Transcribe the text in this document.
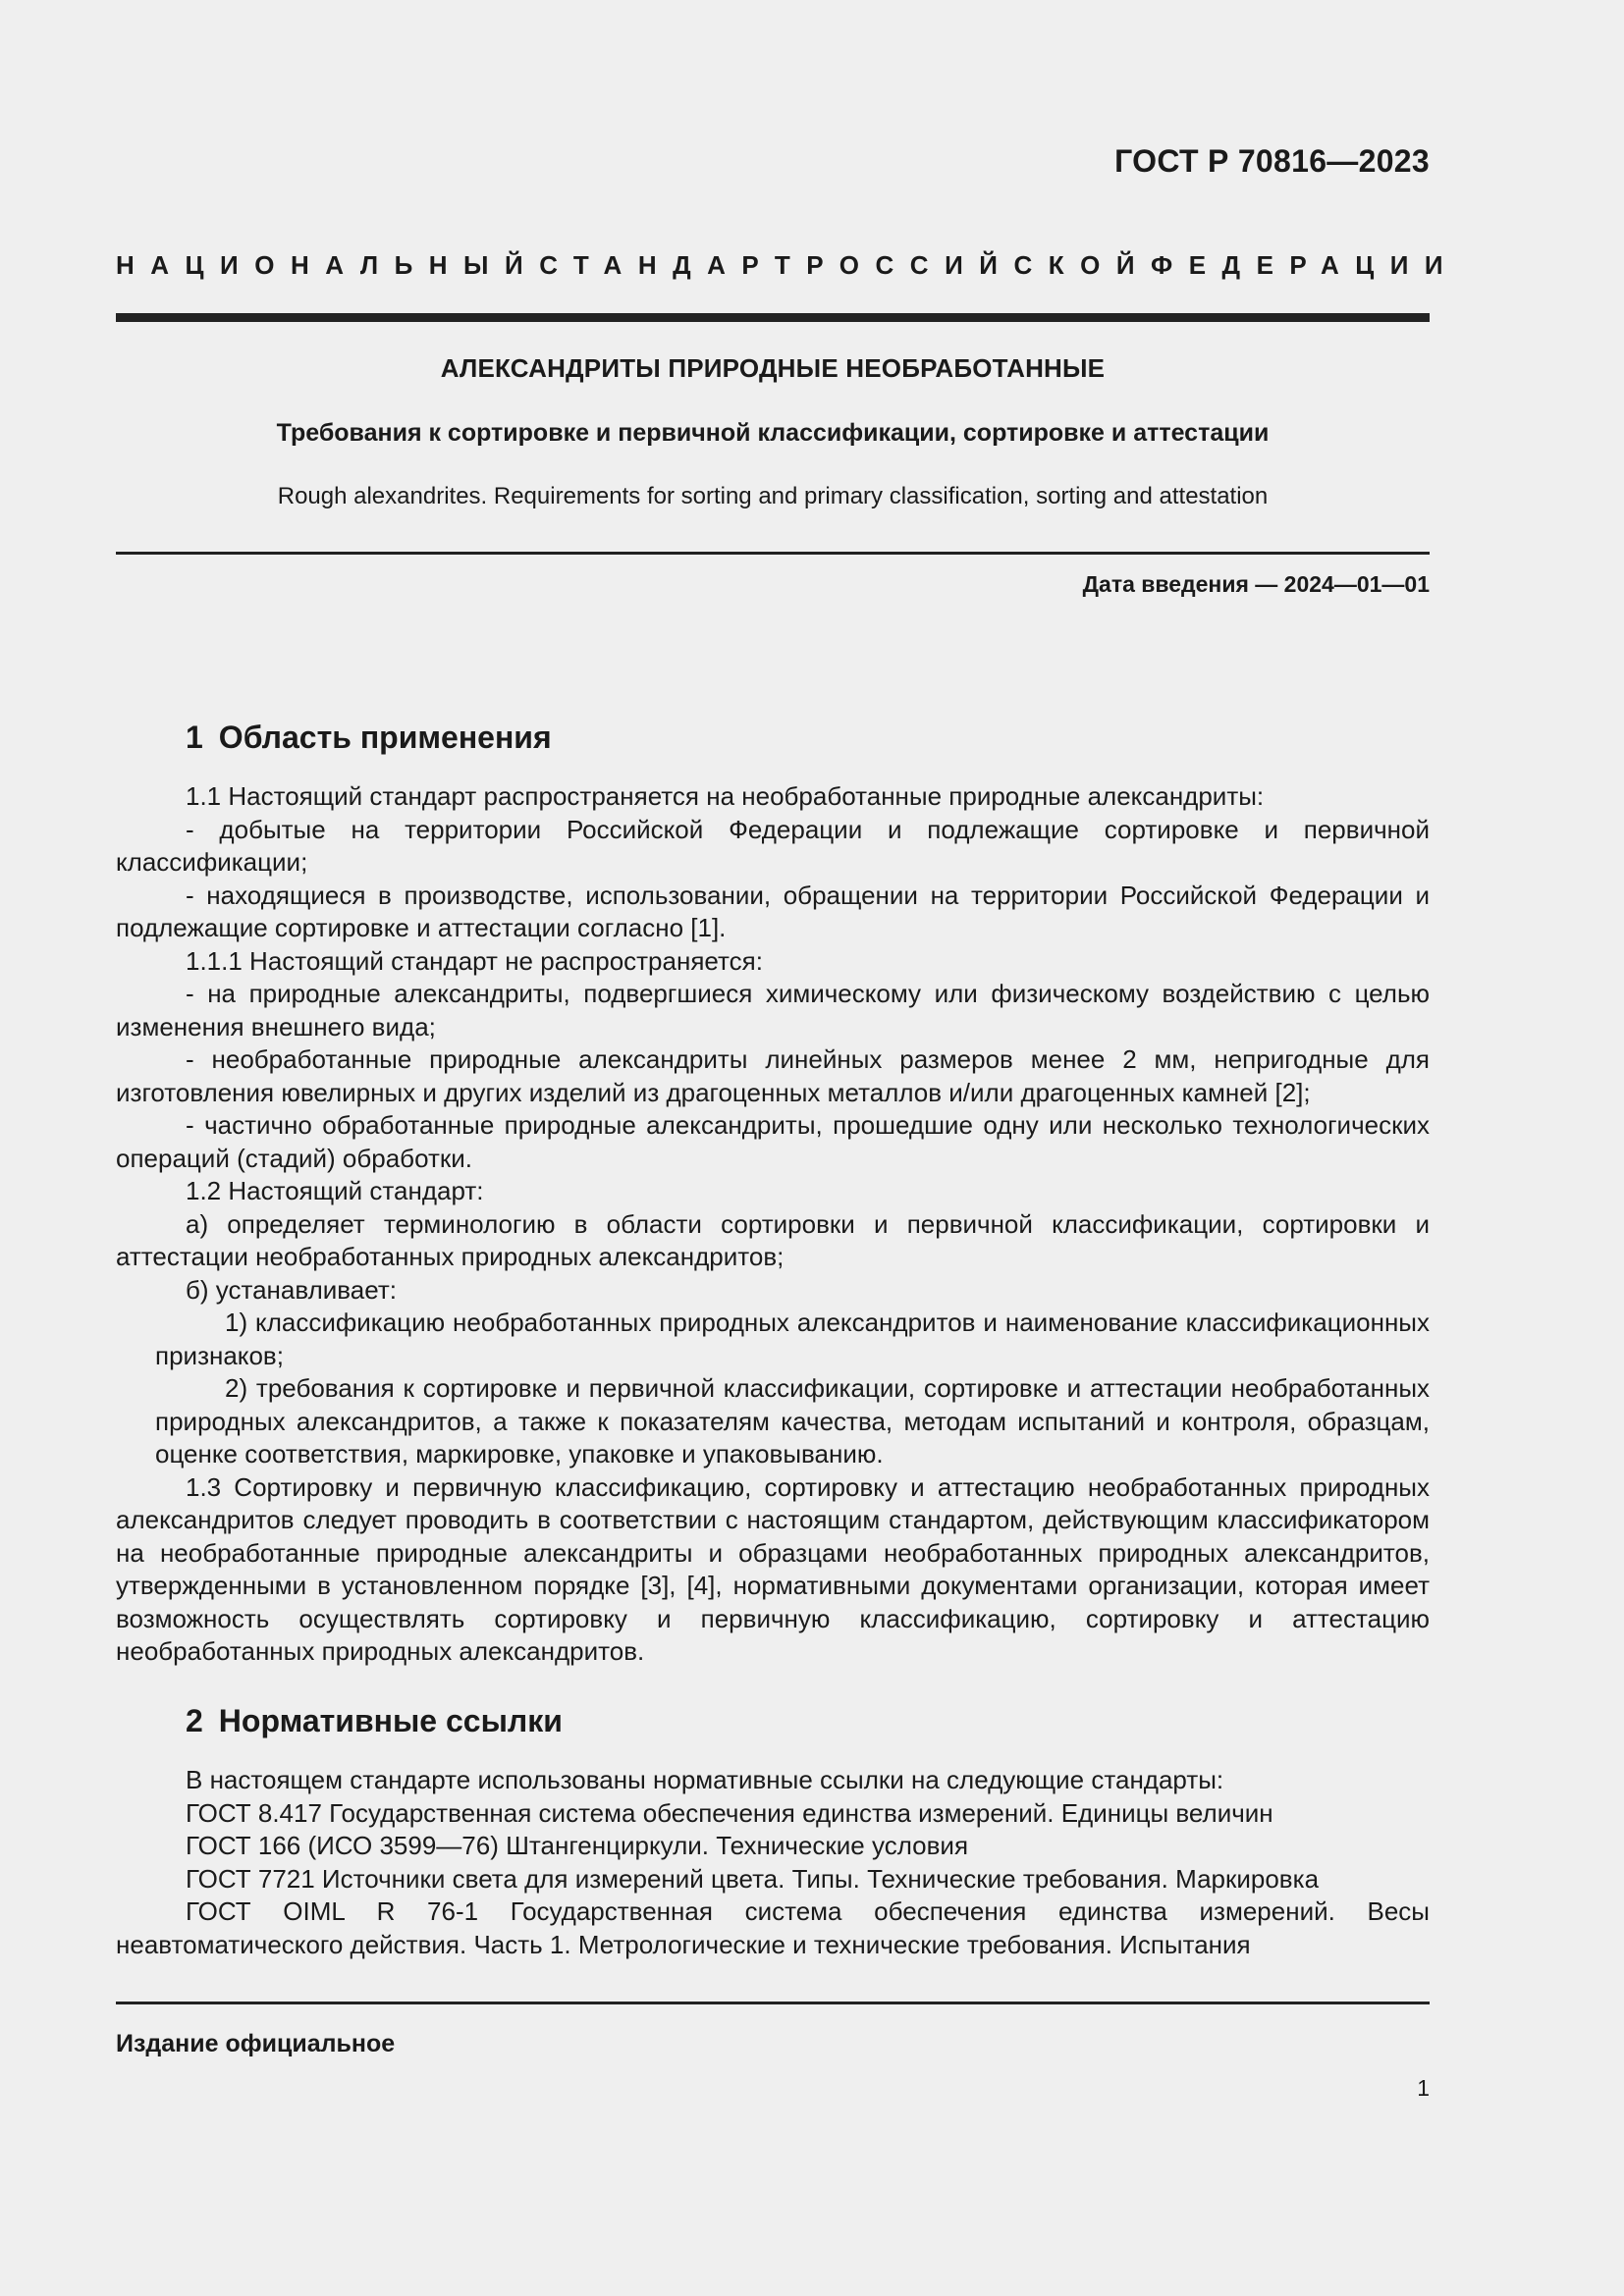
ГОСТ Р 70816—2023
НАЦИОНАЛЬНЫЙ СТАНДАРТ РОССИЙСКОЙ ФЕДЕРАЦИИ
АЛЕКСАНДРИТЫ ПРИРОДНЫЕ НЕОБРАБОТАННЫЕ
Требования к сортировке и первичной классификации, сортировке и аттестации
Rough alexandrites. Requirements for sorting and primary classification, sorting and attestation
Дата введения — 2024—01—01
1 Область применения

1.1 Настоящий стандарт распространяется на необработанные природные александриты:

- добытые на территории Российской Федерации и подлежащие сортировке и первичной классификации;

- находящиеся в производстве, использовании, обращении на территории Российской Федерации и подлежащие сортировке и аттестации согласно [1].

1.1.1 Настоящий стандарт не распространяется:

- на природные александриты, подвергшиеся химическому или физическому воздействию с целью изменения внешнего вида;

- необработанные природные александриты линейных размеров менее 2 мм, непригодные для изготовления ювелирных и других изделий из драгоценных металлов и/или драгоценных камней [2];

- частично обработанные природные александриты, прошедшие одну или несколько технологических операций (стадий) обработки.

1.2 Настоящий стандарт:

а) определяет терминологию в области сортировки и первичной классификации, сортировки и аттестации необработанных природных александритов;

б) устанавливает:

1) классификацию необработанных природных александритов и наименование классификационных признаков;

2) требования к сортировке и первичной классификации, сортировке и аттестации необработанных природных александритов, а также к показателям качества, методам испытаний и контроля, образцам, оценке соответствия, маркировке, упаковке и упаковыванию.

1.3 Сортировку и первичную классификацию, сортировку и аттестацию необработанных природных александритов следует проводить в соответствии с настоящим стандартом, действующим классификатором на необработанные природные александриты и образцами необработанных природных александритов, утвержденными в установленном порядке [3], [4], нормативными документами организации, которая имеет возможность осуществлять сортировку и первичную классификацию, сортировку и аттестацию необработанных природных александритов.

2 Нормативные ссылки

В настоящем стандарте использованы нормативные ссылки на следующие стандарты:

ГОСТ 8.417 Государственная система обеспечения единства измерений. Единицы величин

ГОСТ 166 (ИСО 3599—76) Штангенциркули. Технические условия

ГОСТ 7721 Источники света для измерений цвета. Типы. Технические требования. Маркировка

ГОСТ OIML R 76-1 Государственная система обеспечения единства измерений. Весы неавтоматического действия. Часть 1. Метрологические и технические требования. Испытания

Издание официальное
1
